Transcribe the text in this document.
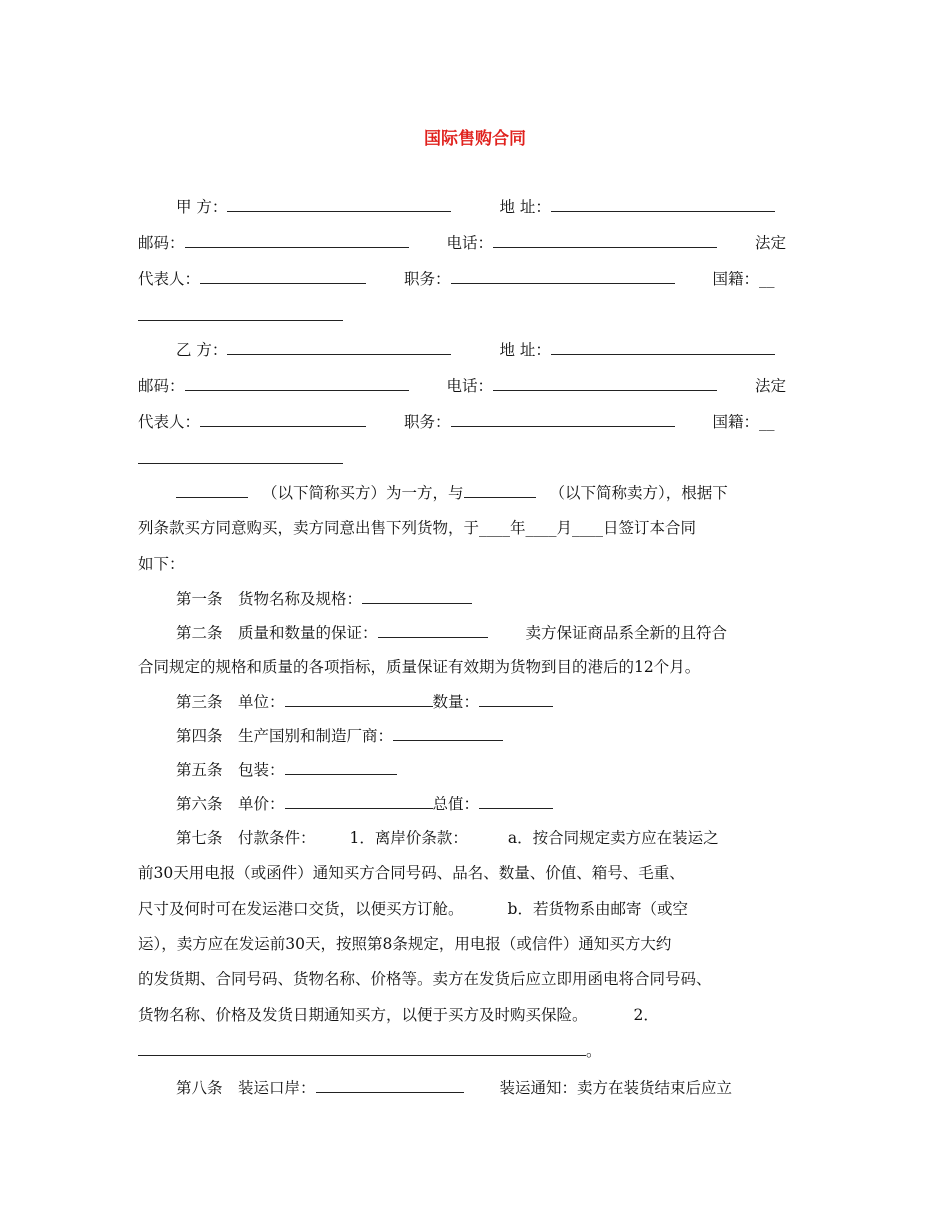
国际售购合同
甲 方：	地 址：
邮码：	电话：	法定
代表人：	职务：	国籍：__
乙 方：	地 址：
邮码：	电话：	法定
代表人：	职务：	国籍：__
（以下简称买方）为一方，与	（以下简称卖方），根据下
列条款买方同意购买，卖方同意出售下列货物，于____年____月____日签订本合同
如下：
第一条　货物名称及规格：
第二条　质量和数量的保证：	卖方保证商品系全新的且符合
合同规定的规格和质量的各项指标，质量保证有效期为货物到目的港后的12个月。
第三条　单位：	数量：
第四条　生产国别和制造厂商：
第五条　包装：
第六条　单价：	总值：
第七条　付款条件： 1．离岸价条款：	a．按合同规定卖方应在装运之
前30天用电报（或函件）通知买方合同号码、品名、数量、价值、箱号、毛重、
尺寸及何时可在发运港口交货，以便买方订舱。	b．若货物系由邮寄（或空
运），卖方应在发运前30天，按照第8条规定，用电报（或信件）通知买方大约
的发货期、合同号码、货物名称、价格等。卖方在发货后应立即用函电将合同号码、
货物名称、价格及发货日期通知买方，以便于买方及时购买保险。	2．
。
第八条　装运口岸：	装运通知：卖方在装货结束后应立
